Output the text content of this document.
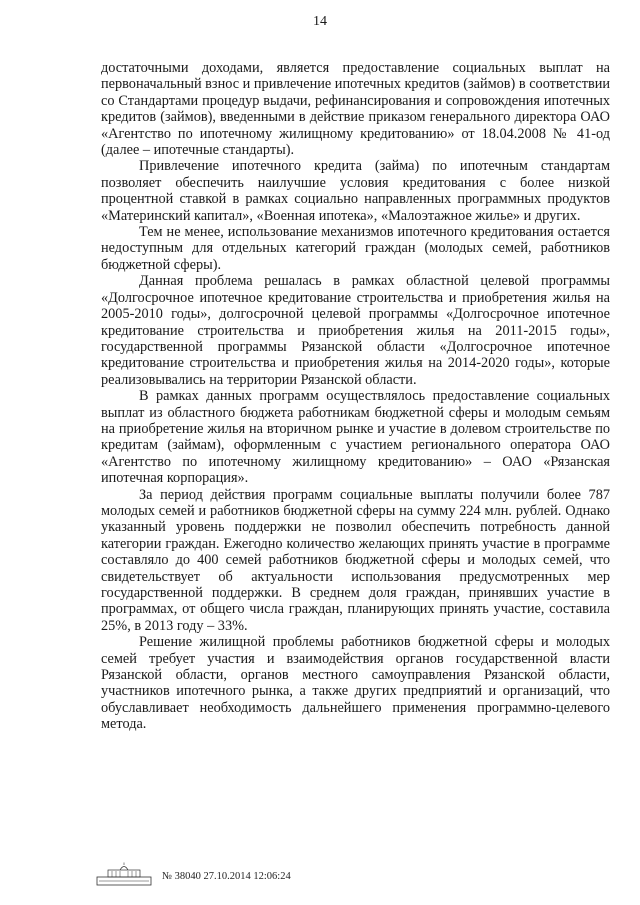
14

достаточными доходами, является предоставление социальных выплат на первоначальный взнос и привлечение ипотечных кредитов (займов) в соответствии со Стандартами процедур выдачи, рефинансирования и сопровождения ипотечных кредитов (займов), введенными в действие приказом генерального директора ОАО «Агентство по ипотечному жилищному кредитованию» от 18.04.2008 № 41-од (далее – ипотечные стандарты).

Привлечение ипотечного кредита (займа) по ипотечным стандартам позволяет обеспечить наилучшие условия кредитования с более низкой процентной ставкой в рамках социально направленных программных продуктов «Материнский капитал», «Военная ипотека», «Малоэтажное жилье» и других.

Тем не менее, использование механизмов ипотечного кредитования остается недоступным для отдельных категорий граждан (молодых семей, работников бюджетной сферы).

Данная проблема решалась в рамках областной целевой программы «Долгосрочное ипотечное кредитование строительства и приобретения жилья на 2005-2010 годы», долгосрочной целевой программы «Долгосрочное ипотечное кредитование строительства и приобретения жилья на 2011-2015 годы», государственной программы Рязанской области «Долгосрочное ипотечное кредитование строительства и приобретения жилья на 2014-2020 годы», которые реализовывались на территории Рязанской области.

В рамках данных программ осуществлялось предоставление социальных выплат из областного бюджета работникам бюджетной сферы и молодым семьям на приобретение жилья на вторичном рынке и участие в долевом строительстве по кредитам (займам), оформленным с участием регионального оператора ОАО «Агентство по ипотечному жилищному кредитованию» – ОАО «Рязанская ипотечная корпорация».

За период действия программ социальные выплаты получили более 787 молодых семей и работников бюджетной сферы на сумму 224 млн. рублей. Однако указанный уровень поддержки не позволил обеспечить потребность данной категории граждан. Ежегодно количество желающих принять участие в программе составляло до 400 семей работников бюджетной сферы и молодых семей, что свидетельствует об актуальности использования предусмотренных мер государственной поддержки. В среднем доля граждан, принявших участие в программах, от общего числа граждан, планирующих принять участие, составила 25%, в 2013 году – 33%.

Решение жилищной проблемы работников бюджетной сферы и молодых семей требует участия и взаимодействия органов государственной власти Рязанской области, органов местного самоуправления Рязанской области, участников ипотечного рынка, а также других предприятий и организаций, что обуславливает необходимость дальнейшего применения программно-целевого метода.

№ 38040 27.10.2014 12:06:24
